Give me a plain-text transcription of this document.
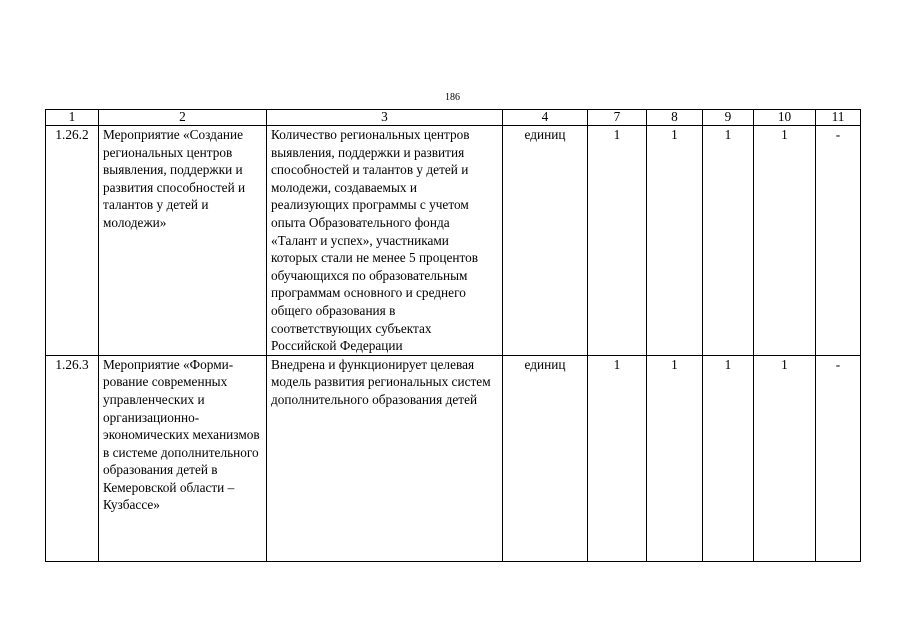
186
1	2	3	4	7	8	9	10	11
1.26.2	Мероприятие «Создание региональных центров выявления, поддержки и развития способностей и талантов у детей и молодежи»	Количество региональных центров выявления, поддержки и развития способностей и талантов у детей и молодежи, создаваемых и реализующих программы с учетом опыта Образовательного фонда «Талант и успех», участниками которых стали не менее 5 процентов обучающихся по образовательным программам основного и среднего общего образования в соответствующих субъектах Российской Федерации	единиц	1	1	1	1	-
1.26.3	Мероприятие «Форми-рование современных управленческих и организационно-экономических механизмов в системе дополнительного образования детей в Кемеровской области – Кузбассе»	Внедрена и функционирует целевая модель развития региональных систем дополнительного образования детей	единиц	1	1	1	1	-
